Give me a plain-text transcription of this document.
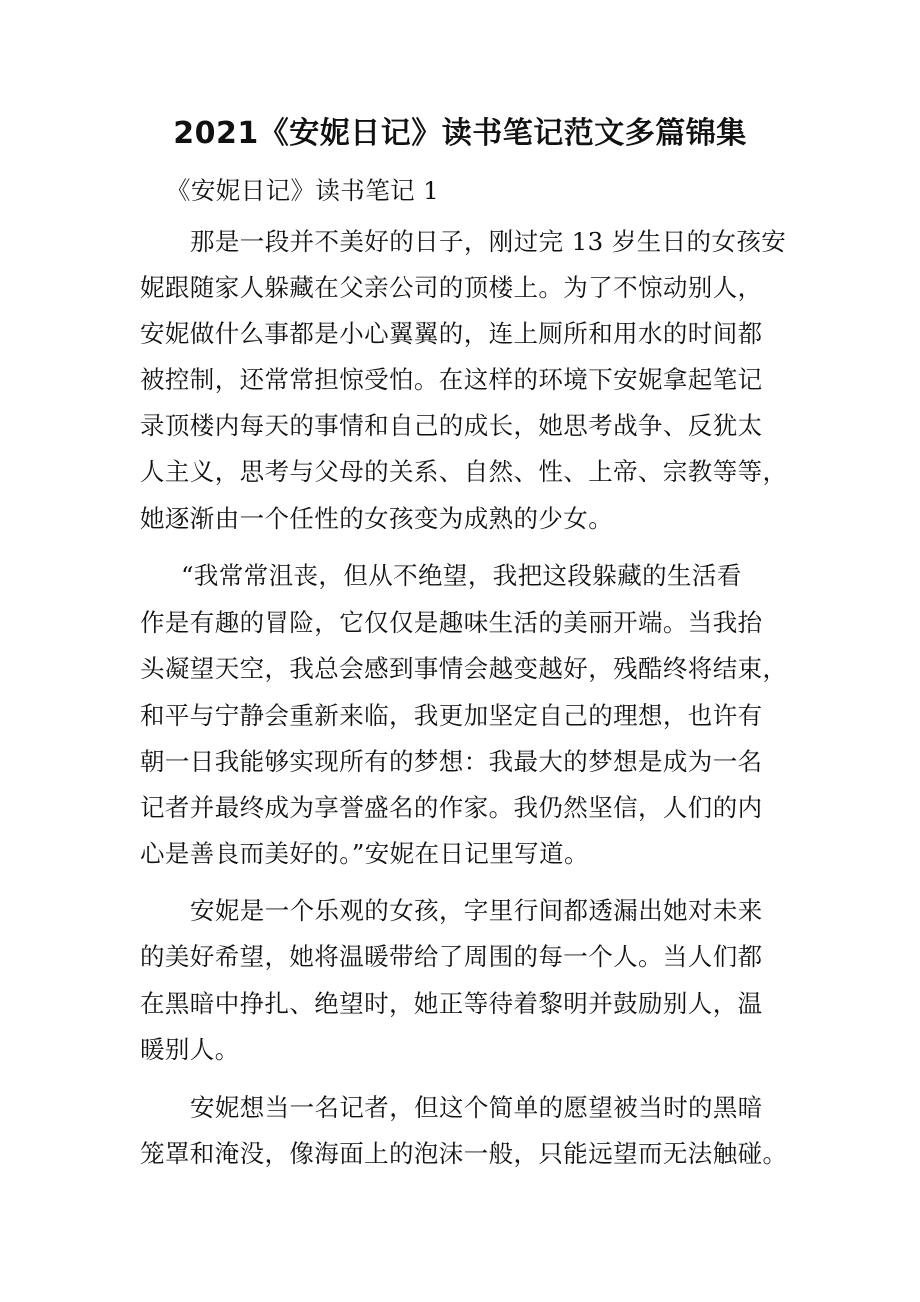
2021《安妮日记》读书笔记范文多篇锦集
《安妮日记》读书笔记 1
那是一段并不美好的日子，刚过完 13 岁生日的女孩安
妮跟随家人躲藏在父亲公司的顶楼上。为了不惊动别人，
安妮做什么事都是小心翼翼的，连上厕所和用水的时间都
被控制，还常常担惊受怕。在这样的环境下安妮拿起笔记
录顶楼内每天的事情和自己的成长，她思考战争、反犹太
人主义，思考与父母的关系、自然、性、上帝、宗教等等，
她逐渐由一个任性的女孩变为成熟的少女。
“我常常沮丧，但从不绝望，我把这段躲藏的生活看
作是有趣的冒险，它仅仅是趣味生活的美丽开端。当我抬
头凝望天空，我总会感到事情会越变越好，残酷终将结束，
和平与宁静会重新来临，我更加坚定自己的理想，也许有
朝一日我能够实现所有的梦想：我最大的梦想是成为一名
记者并最终成为享誉盛名的作家。我仍然坚信，人们的内
心是善良而美好的。”安妮在日记里写道。
安妮是一个乐观的女孩，字里行间都透漏出她对未来
的美好希望，她将温暖带给了周围的每一个人。当人们都
在黑暗中挣扎、绝望时，她正等待着黎明并鼓励别人，温
暖别人。
安妮想当一名记者，但这个简单的愿望被当时的黑暗
笼罩和淹没，像海面上的泡沫一般，只能远望而无法触碰。
